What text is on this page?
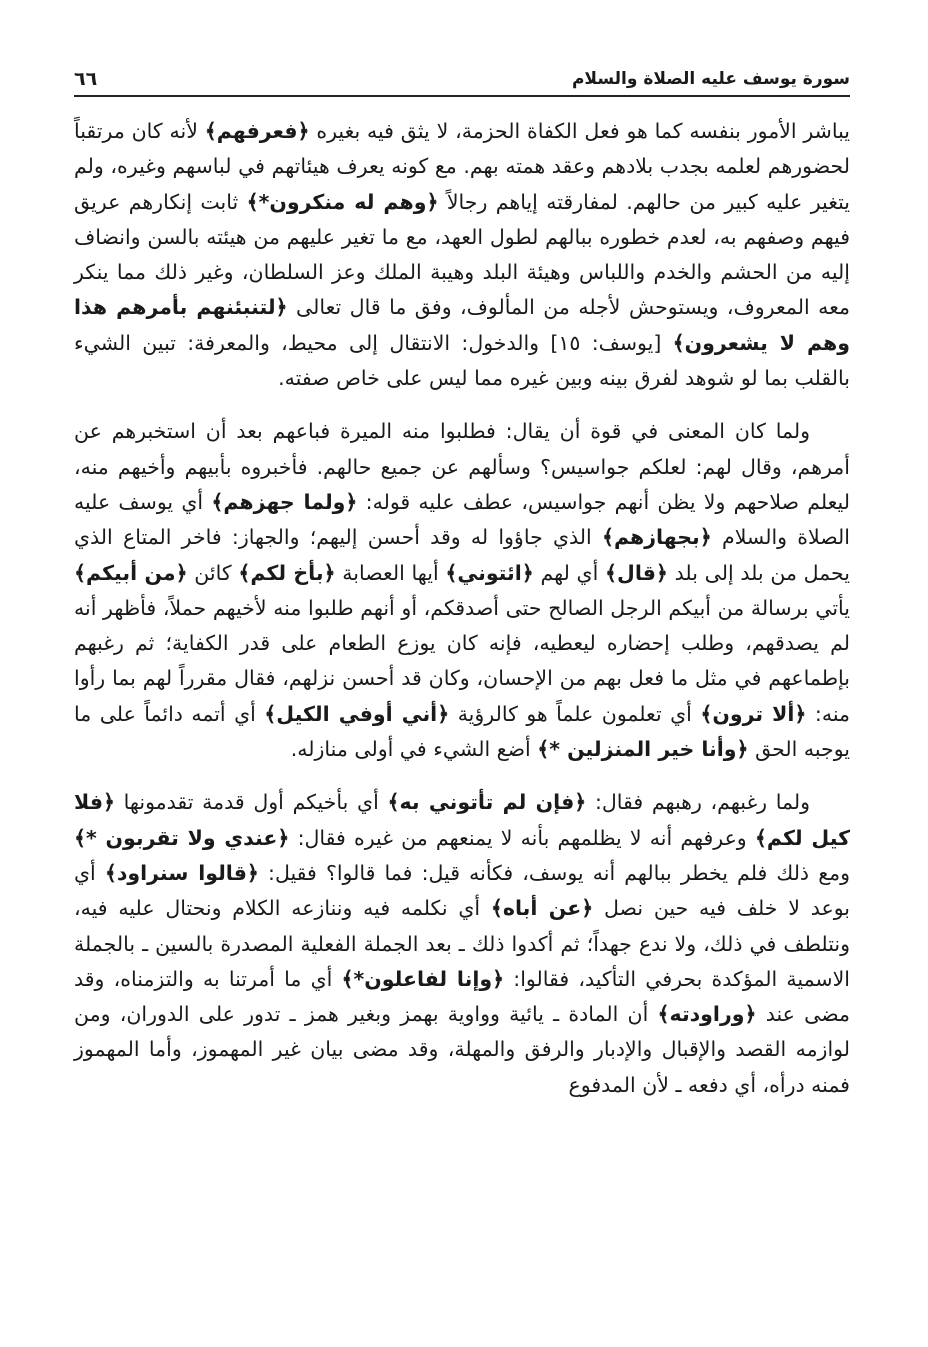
سورة يوسف عليه الصلاة والسلام
٦٦

يباشر الأمور بنفسه كما هو فعل الكفاة الحزمة، لا يثق فيه بغيره ﴿فعرفهم﴾ لأنه كان مرتقباً لحضورهم لعلمه بجدب بلادهم وعقد همته بهم. مع كونه يعرف هيئاتهم في لباسهم وغيره، ولم يتغير عليه كبير من حالهم. لمفارقته إياهم رجالاً ﴿وهم له منكرون*﴾ ثابت إنكارهم عريق فيهم وصفهم به، لعدم خطوره ببالهم لطول العهد، مع ما تغير عليهم من هيئته بالسن وانضاف إليه من الحشم والخدم واللباس وهيئة البلد وهيبة الملك وعز السلطان، وغير ذلك مما ينكر معه المعروف، ويستوحش لأجله من المألوف، وفق ما قال تعالى ﴿لتنبئنهم بأمرهم هذا وهم لا يشعرون﴾ [يوسف: ١٥] والدخول: الانتقال إلى محيط، والمعرفة: تبين الشيء بالقلب بما لو شوهد لفرق بينه وبين غيره مما ليس على خاص صفته.

ولما كان المعنى في قوة أن يقال: فطلبوا منه الميرة فباعهم بعد أن استخبرهم عن أمرهم، وقال لهم: لعلكم جواسيس؟ وسألهم عن جميع حالهم. فأخبروه بأبيهم وأخيهم منه، ليعلم صلاحهم ولا يظن أنهم جواسيس، عطف عليه قوله: ﴿ولما جهزهم﴾ أي يوسف عليه الصلاة والسلام ﴿بجهازهم﴾ الذي جاؤوا له وقد أحسن إليهم؛ والجهاز: فاخر المتاع الذي يحمل من بلد إلى بلد ﴿قال﴾ أي لهم ﴿ائتوني﴾ أيها العصابة ﴿بأخ لكم﴾ كائن ﴿من أبيكم﴾ يأتي برسالة من أبيكم الرجل الصالح حتى أصدقكم، أو أنهم طلبوا منه لأخيهم حملاً، فأظهر أنه لم يصدقهم، وطلب إحضاره ليعطيه، فإنه كان يوزع الطعام على قدر الكفاية؛ ثم رغبهم بإطماعهم في مثل ما فعل بهم من الإحسان، وكان قد أحسن نزلهم، فقال مقرراً لهم بما رأوا منه: ﴿ألا ترون﴾ أي تعلمون علماً هو كالرؤية ﴿أني أوفي الكيل﴾ أي أتمه دائماً على ما يوجبه الحق ﴿وأنا خير المنزلين *﴾ أضع الشيء في أولى منازله.

ولما رغبهم، رهبهم فقال: ﴿فإن لم تأتوني به﴾ أي بأخيكم أول قدمة تقدمونها ﴿فلا كيل لكم﴾ وعرفهم أنه لا يظلمهم بأنه لا يمنعهم من غيره فقال: ﴿عندي ولا تقربون *﴾ ومع ذلك فلم يخطر ببالهم أنه يوسف، فكأنه قيل: فما قالوا؟ فقيل: ﴿قالوا سنراود﴾ أي بوعد لا خلف فيه حين نصل ﴿عن أباه﴾ أي نكلمه فيه وننازعه الكلام ونحتال عليه فيه، ونتلطف في ذلك، ولا ندع جهداً؛ ثم أكدوا ذلك ـ بعد الجملة الفعلية المصدرة بالسين ـ بالجملة الاسمية المؤكدة بحرفي التأكيد، فقالوا: ﴿وإنا لفاعلون*﴾ أي ما أمرتنا به والتزمناه، وقد مضى عند ﴿وراودته﴾ أن المادة ـ يائية وواوية بهمز وبغير همز ـ تدور على الدوران، ومن لوازمه القصد والإقبال والإدبار والرفق والمهلة، وقد مضى بيان غير المهموز، وأما المهموز فمنه درأه، أي دفعه ـ لأن المدفوع
